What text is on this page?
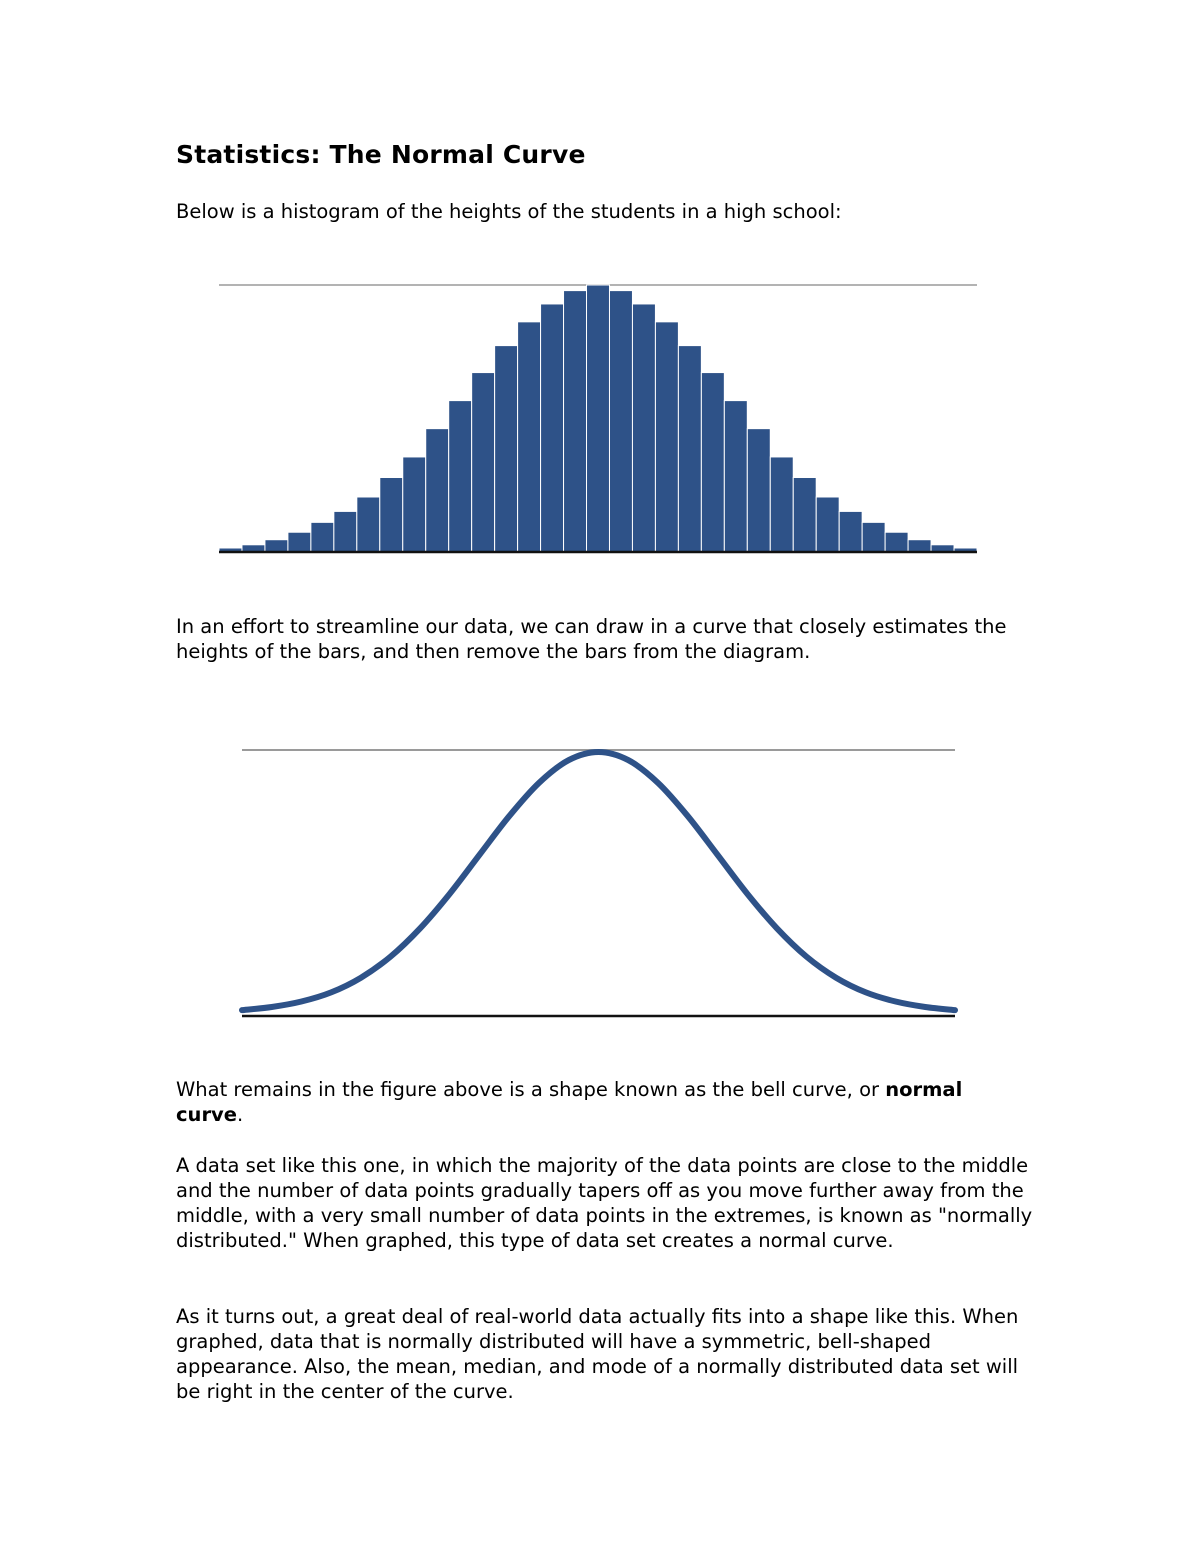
Statistics: The Normal Curve

Below is a histogram of the heights of the students in a high school:

In an effort to streamline our data, we can draw in a curve that closely estimates the heights of the bars, and then remove the bars from the diagram.

What remains in the figure above is a shape known as the bell curve, or normal curve.

A data set like this one, in which the majority of the data points are close to the middle and the number of data points gradually tapers off as you move further away from the middle, with a very small number of data points in the extremes, is known as "normally distributed." When graphed, this type of data set creates a normal curve.

As it turns out, a great deal of real-world data actually fits into a shape like this. When graphed, data that is normally distributed will have a symmetric, bell-shaped appearance. Also, the mean, median, and mode of a normally distributed data set will be right in the center of the curve.
